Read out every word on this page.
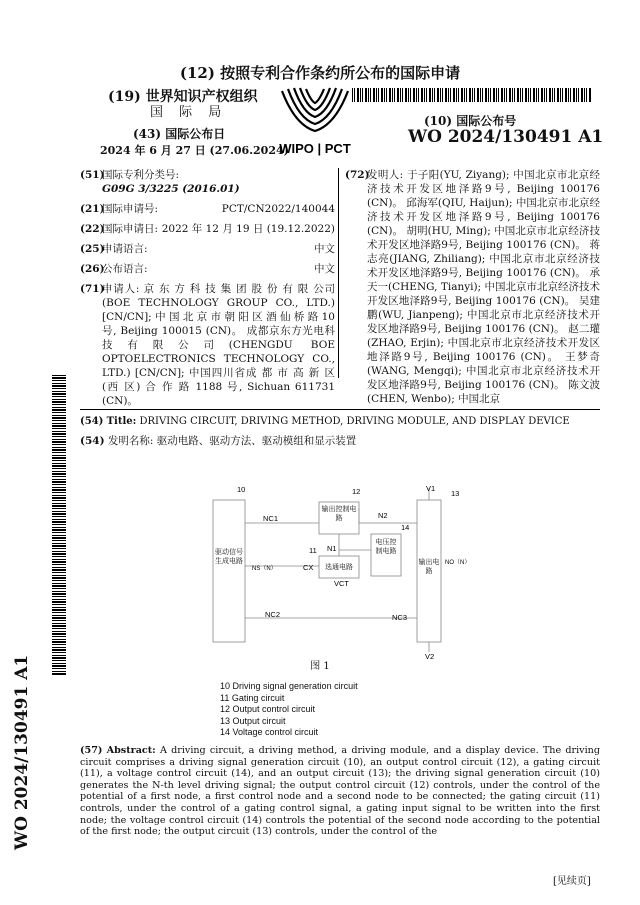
(12) 按照专利合作条约所公布的国际申请
(19) 世界知识产权组织
国 际 局
(43) 国际公布日
2024 年 6 月 27 日 (27.06.2024)
WIPO | PCT
(10) 国际公布号
WO 2024/130491 A1
(51)
国际专利分类号:
G09G 3/3225 (2016.01)
(21)
国际申请号:	PCT/CN2022/140044
(22)
国际申请日: 2022 年 12 月 19 日 (19.12.2022)
(25)
申请语言:	中文
(26)
公布语言:	中文
(71)
申请人: 京 东 方 科 技 集 团 股 份 有 限 公司(BOE TECHNOLOGY GROUP CO., LTD.) [CN/CN]; 中 国 北 京 市 朝 阳 区 酒 仙 桥 路 10 号, Beijing 100015 (CN)。 成都京东方光电科技有限公司(CHENGDU BOE OPTOELECTRONICS TECHNOLOGY CO., LTD.) [CN/CN]; 中国四川省成 都 市 高 新 区 (西 区) 合 作 路 1188 号, Sichuan 611731 (CN)。
(72)
发明人: 于子阳(YU, Ziyang); 中国北京市北京经济技术开发区地泽路9号, Beijing 100176 (CN)。 邱海军(QIU, Haijun); 中国北京市北京经济技术开发区地泽路9号, Beijing 100176 (CN)。 胡明(HU, Ming); 中国北京市北京经济技术开发区地泽路9号, Beijing 100176 (CN)。 蒋志亮(JIANG, Zhiliang); 中国北京市北京经济技术开发区地泽路9号, Beijing 100176 (CN)。 承天一(CHENG, Tianyi); 中国北京市北京经济技术开发区地泽路9号, Beijing 100176 (CN)。 吴建鹏(WU, Jianpeng); 中国北京市北京经济技术开发区地泽路9号, Beijing 100176 (CN)。 赵二瓘(ZHAO, Erjin); 中国北京市北京经济技术开发区地泽路9号, Beijing 100176 (CN)。 王梦奇(WANG, Mengqi); 中国北京市北京经济技术开发区地泽路9号, Beijing 100176 (CN)。 陈文波(CHEN, Wenbo); 中国北京
WO 2024/130491 A1
(54) Title: DRIVING CIRCUIT, DRIVING METHOD, DRIVING MODULE, AND DISPLAY DEVICE
(54) 发明名称: 驱动电路、驱动方法、驱动模组和显示装置
10	12	V1
13
NC1	N2
14
11 N1
NS（N）	CX
VCT
NO（N）
NC2	NC3
V2
驱动信号生成电路
输出控制电路
选通电路
电压控制电路
输出电路
图 1
10 Driving signal generation circuit
11 Gating circuit
12 Output control circuit
13 Output circuit
14 Voltage control circuit
(57) Abstract: A driving circuit, a driving method, a driving module, and a display device. The driving circuit comprises a driving signal generation circuit (10), an output control circuit (12), a gating circuit (11), a voltage control circuit (14), and an output circuit (13); the driving signal generation circuit (10) generates the N-th level driving signal; the output control circuit (12) controls, under the control of the potential of a first node, a first control node and a second node to be connected; the gating circuit (11) controls, under the control of a gating control signal, a gating input signal to be written into the first node; the voltage control circuit (14) controls the potential of the second node according to the potential of the first node; the output circuit (13) controls, under the control of the
[见续页]
